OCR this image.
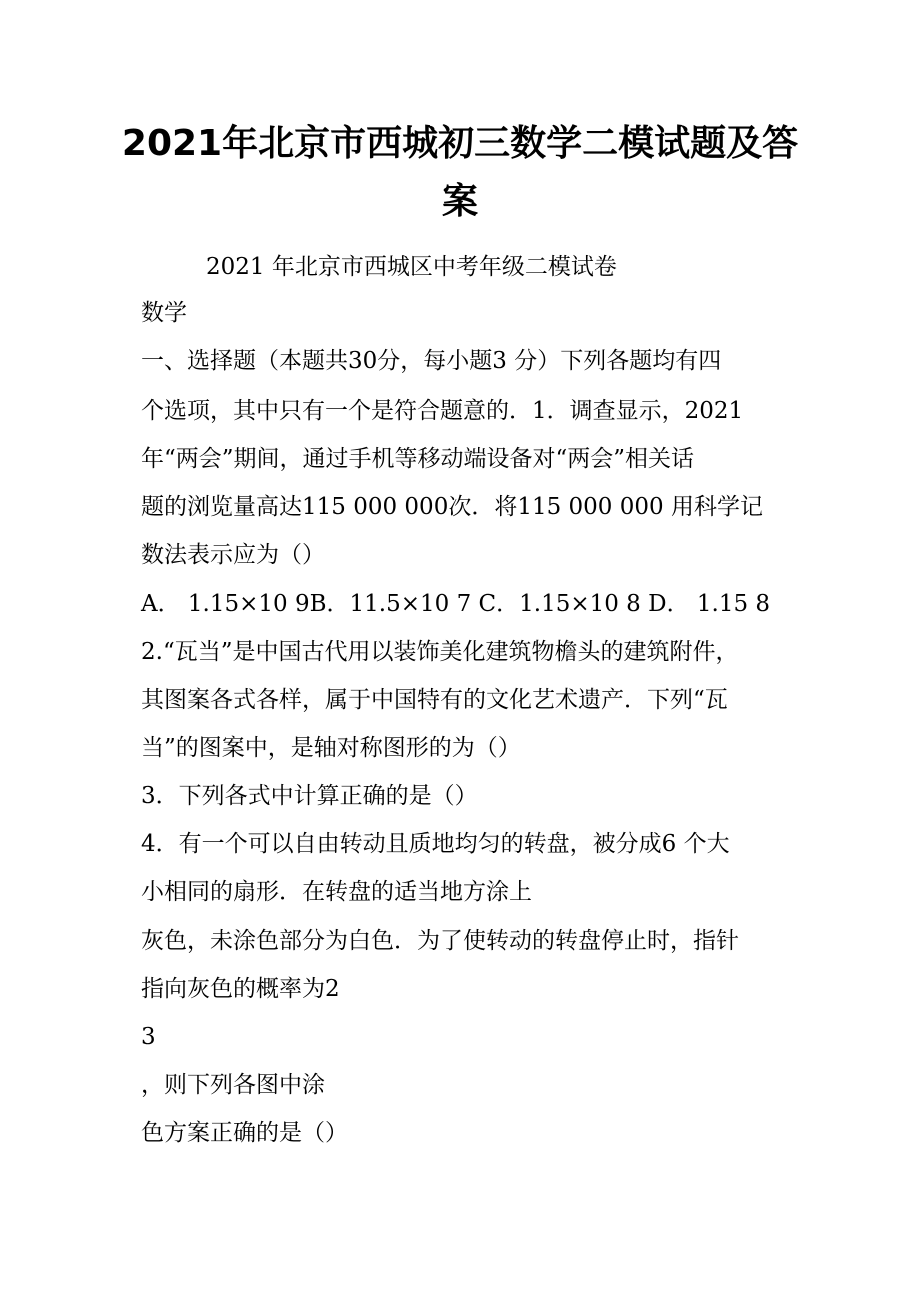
2021年北京市西城初三数学二模试题及答
案

2021 年北京市西城区中考年级二模试卷

数学

一、选择题（本题共30分，每小题3 分）下列各题均有四

个选项，其中只有一个是符合题意的．1．调查显示，2021

年“两会”期间，通过手机等移动端设备对“两会”相关话

题的浏览量高达115 000 000次．将115 000 000 用科学记

数法表示应为（）

A． 1.15×10 9B．11.5×10 7 C．1.15×10 8 D． 1.15 8

2.“瓦当”是中国古代用以装饰美化建筑物檐头的建筑附件，

其图案各式各样，属于中国特有的文化艺术遗产．下列“瓦

当”的图案中，是轴对称图形的为（）

3．下列各式中计算正确的是（）

4．有一个可以自由转动且质地均匀的转盘，被分成6 个大

小相同的扇形．在转盘的适当地方涂上

灰色，未涂色部分为白色．为了使转动的转盘停止时，指针

指向灰色的概率为2

3

，则下列各图中涂

色方案正确的是（）
